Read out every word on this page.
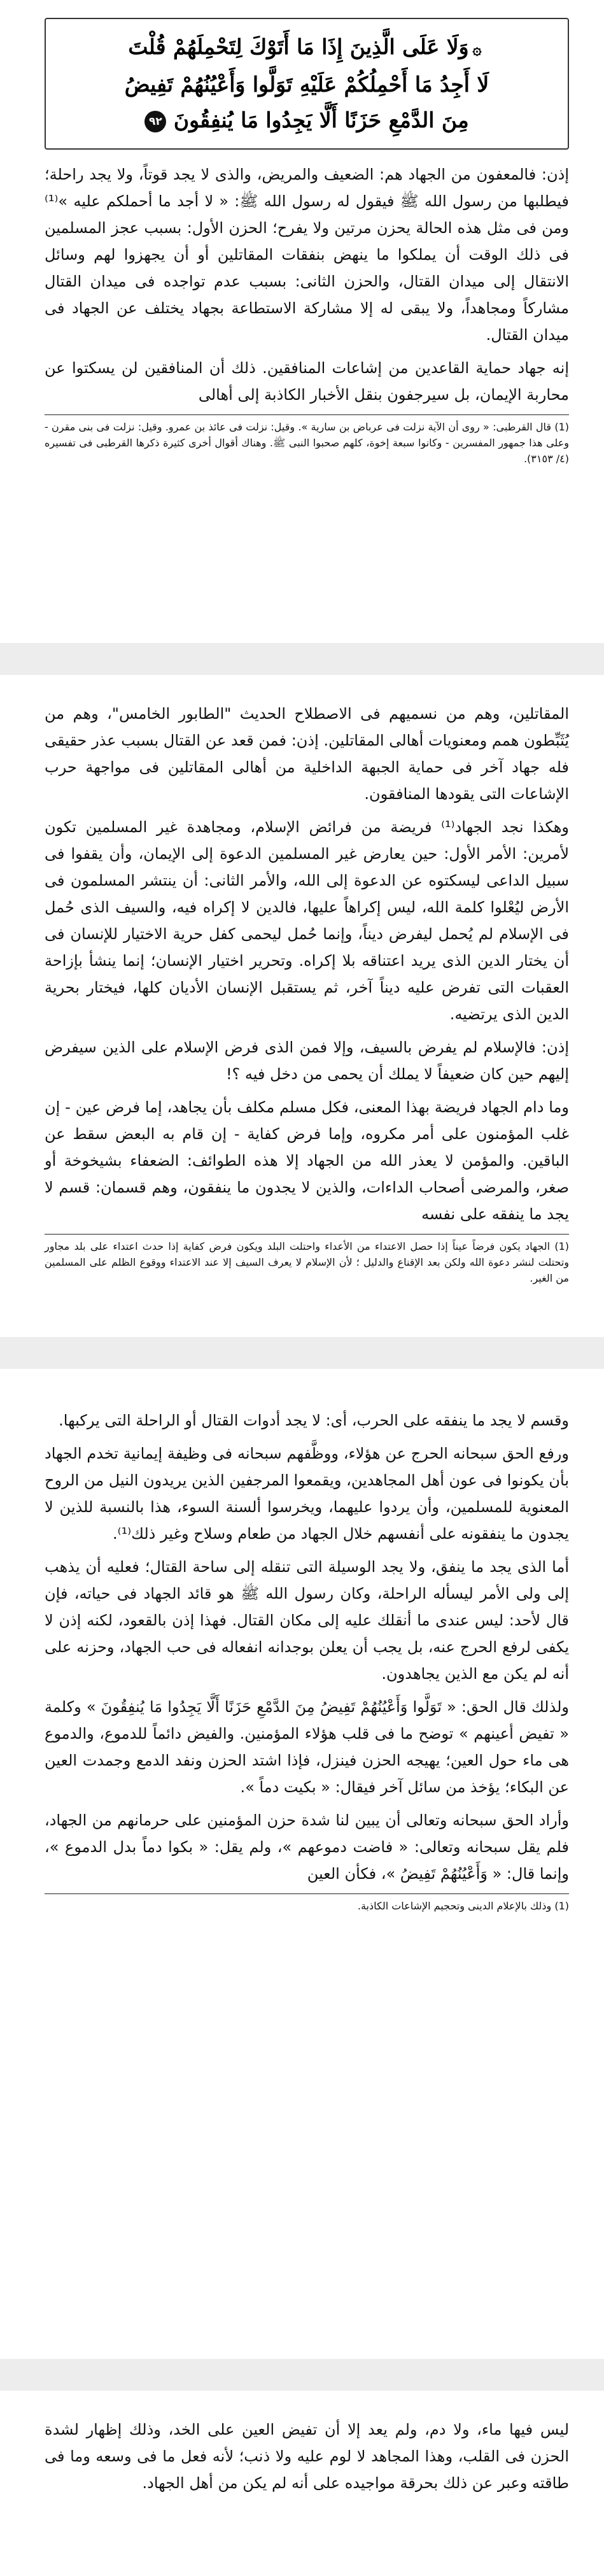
۞وَلَا عَلَى الَّذِينَ إِذَا مَا أَتَوْكَ لِتَحْمِلَهُمْ قُلْتَ
لَا أَجِدُ مَا أَحْمِلُكُمْ عَلَيْهِ تَوَلَّوا وَأَعْيُنُهُمْ تَفِيضُ
مِنَ الدَّمْعِ حَزَنًا أَلَّا يَجِدُوا مَا يُنفِقُونَ ٩٢

إذن: فالمعفون من الجهاد هم: الضعيف والمريض، والذى لا يجد قوتاً، ولا يجد راحلة؛ فيطلبها من رسول الله ﷺ فيقول له رسول الله ﷺ: « لا أجد ما أحملكم عليه »⁽¹⁾ ومن فى مثل هذه الحالة يحزن مرتين ولا يفرح؛ الحزن الأول: بسبب عجز المسلمين فى ذلك الوقت أن يملكوا ما ينهض بنفقات المقاتلين أو أن يجهزوا لهم وسائل الانتقال إلى ميدان القتال، والحزن الثانى: بسبب عدم تواجده فى ميدان القتال مشاركاً ومجاهداً، ولا يبقى له إلا مشاركة الاستطاعة بجهاد يختلف عن الجهاد فى ميدان القتال.

إنه جهاد حماية القاعدين من إشاعات المنافقين. ذلك أن المنافقين لن يسكتوا عن محاربة الإيمان، بل سيرجفون بنقل الأخبار الكاذبة إلى أهالى

(1) قال القرطبى: « روى أن الآية نزلت فى عرباض بن سارية ». وقيل: نزلت فى عائذ بن عمرو. وقيل: نزلت فى بنى مقرن - وعلى هذا جمهور المفسرين - وكانوا سبعة إخوة، كلهم صحبوا النبى ﷺ. وهناك أقوال أخرى كثيرة ذكرها القرطبى فى تفسيره (٤/ ٣١٥٣).

المقاتلين، وهم من نسميهم فى الاصطلاح الحديث "الطابور الخامس"، وهم من يُثَبِّطون همم ومعنويات أهالى المقاتلين. إذن: فمن قعد عن القتال بسبب عذر حقيقى فله جهاد آخر فى حماية الجبهة الداخلية من أهالى المقاتلين فى مواجهة حرب الإشاعات التى يقودها المنافقون.

وهكذا نجد الجهاد⁽¹⁾ فريضة من فرائض الإسلام، ومجاهدة غير المسلمين تكون لأمرين: الأمر الأول: حين يعارض غير المسلمين الدعوة إلى الإيمان، وأن يقفوا فى سبيل الداعى ليسكتوه عن الدعوة إلى الله، والأمر الثانى: أن ينتشر المسلمون فى الأرض ليُعْلوا كلمة الله، ليس إكراهاً عليها، فالدين لا إكراه فيه، والسيف الذى حُمل فى الإسلام لم يُحمل ليفرض ديناً، وإنما حُمل ليحمى كفل حرية الاختيار للإنسان فى أن يختار الدين الذى يريد اعتناقه بلا إكراه. وتحرير اختيار الإنسان؛ إنما ينشأ بإزاحة العقبات التى تفرض عليه ديناً آخر، ثم يستقبل الإنسان الأديان كلها، فيختار بحرية الدين الذى يرتضيه.

إذن: فالإسلام لم يفرض بالسيف، وإلا فمن الذى فرض الإسلام على الذين سيفرض إليهم حين كان ضعيفاً لا يملك أن يحمى من دخل فيه ؟!

وما دام الجهاد فريضة بهذا المعنى، فكل مسلم مكلف بأن يجاهد، إما فرض عين - إن غلب المؤمنون على أمر مكروه، وإما فرض كفاية - إن قام به البعض سقط عن الباقين. والمؤمن لا يعذر الله من الجهاد إلا هذه الطوائف: الضعفاء بشيخوخة أو صغر، والمرضى أصحاب الداءات، والذين لا يجدون ما ينفقون، وهم قسمان: قسم لا يجد ما ينفقه على نفسه

(1) الجهاد يكون فرضاً عيناً إذا حصل الاعتداء من الأعداء واحتلت البلد ويكون فرض كفاية إذا حدث اعتداء على بلد مجاور وتحتلت لنشر دعوة الله ولكن بعد الإقناع والدليل ؛ لأن الإسلام لا يعرف السيف إلا عند الاعتداء ووقوع الظلم على المسلمين من الغير.

وقسم لا يجد ما ينفقه على الحرب، أى: لا يجد أدوات القتال أو الراحلة التى يركبها.

ورفع الحق سبحانه الحرج عن هؤلاء، ووظَّفهم سبحانه فى وظيفة إيمانية تخدم الجهاد بأن يكونوا فى عون أهل المجاهدين، ويقمعوا المرجفين الذين يريدون النيل من الروح المعنوية للمسلمين، وأن يردوا عليهما، ويخرسوا ألسنة السوء، هذا بالنسبة للذين لا يجدون ما ينفقونه على أنفسهم خلال الجهاد من طعام وسلاح وغير ذلك⁽¹⁾.

أما الذى يجد ما ينفق، ولا يجد الوسيلة التى تنقله إلى ساحة القتال؛ فعليه أن يذهب إلى ولى الأمر ليسأله الراحلة، وكان رسول الله ﷺ هو قائد الجهاد فى حياته، فإن قال لأحد: ليس عندى ما أنقلك عليه إلى مكان القتال. فهذا إذن بالقعود، لكنه إذن لا يكفى لرفع الحرج عنه، بل يجب أن يعلن بوجدانه انفعاله فى حب الجهاد، وحزنه على أنه لم يكن مع الذين يجاهدون.

ولذلك قال الحق: « تَوَلَّوا وَأَعْيُنُهُمْ تَفِيضُ مِنَ الدَّمْعِ حَزَنًا أَلَّا يَجِدُوا مَا يُنفِقُونَ » وكلمة « تفيض أعينهم » توضح ما فى قلب هؤلاء المؤمنين. والفيض دائماً للدموع، والدموع هى ماء حول العين؛ يهيجه الحزن فينزل، فإذا اشتد الحزن ونفد الدمع وجمدت العين عن البكاء؛ يؤخذ من سائل آخر فيقال: « بكيت دماً ».

وأراد الحق سبحانه وتعالى أن يبين لنا شدة حزن المؤمنين على حرمانهم من الجهاد، فلم يقل سبحانه وتعالى: « فاضت دموعهم »، ولم يقل: « بكوا دماً بدل الدموع »، وإنما قال: « وَأَعْيُنُهُمْ تَفِيضُ »، فكأن العين

(1) وذلك بالإعلام الدينى وتحجيم الإشاعات الكاذبة.

ليس فيها ماء، ولا دم، ولم يعد إلا أن تفيض العين على الخد، وذلك إظهار لشدة الحزن فى القلب، وهذا المجاهد لا لوم عليه ولا ذنب؛ لأنه فعل ما فى وسعه وما فى طاقته وعبر عن ذلك بحرقة مواجيده على أنه لم يكن من أهل الجهاد.
